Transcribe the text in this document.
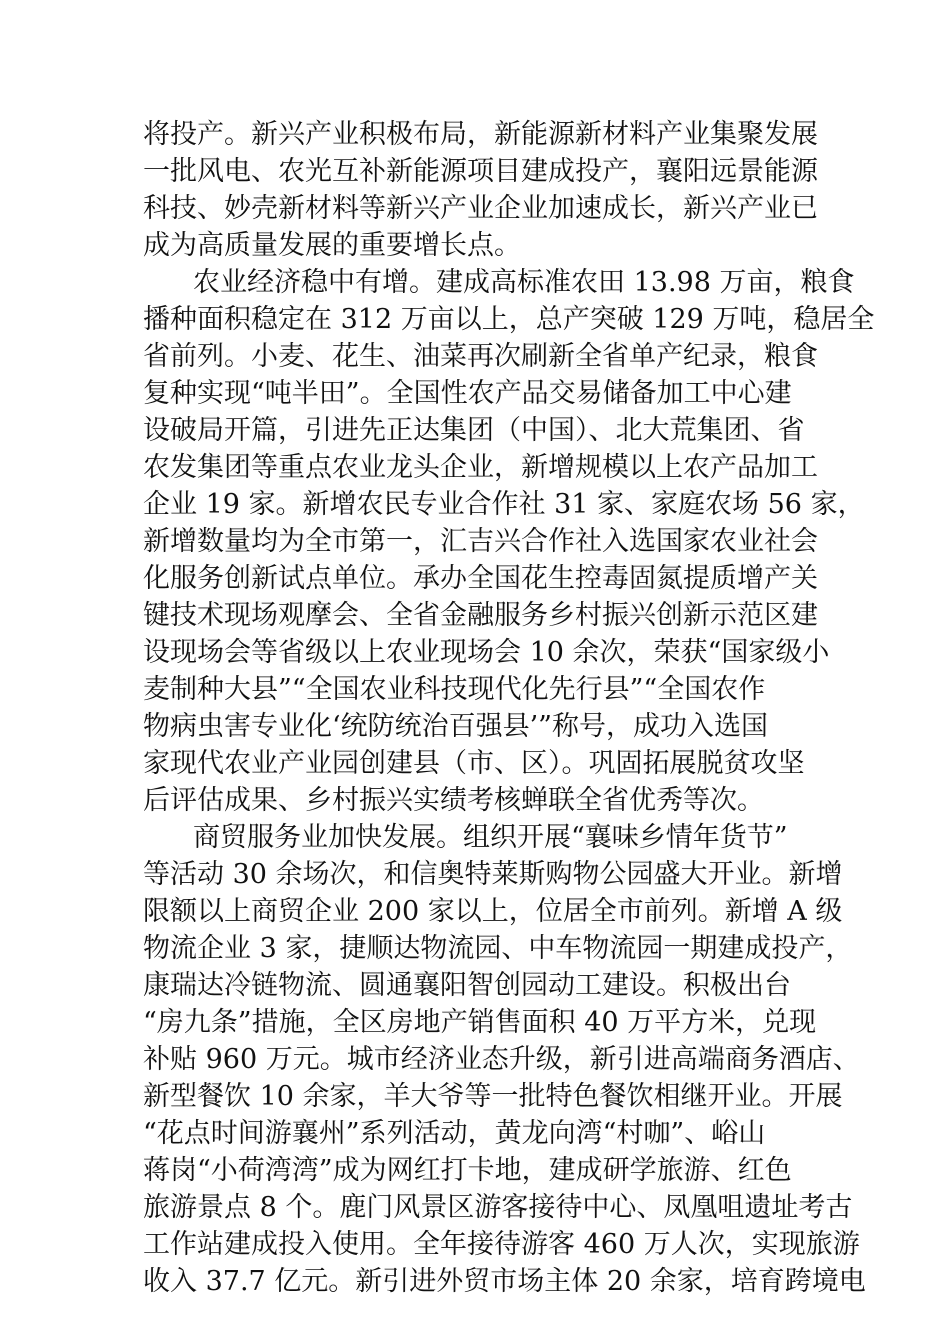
将投产。新兴产业积极布局，新能源新材料产业集聚发展
一批风电、农光互补新能源项目建成投产，襄阳远景能源
科技、妙壳新材料等新兴产业企业加速成长，新兴产业已
成为高质量发展的重要增长点。
农业经济稳中有增。建成高标准农田 13.98 万亩，粮食
播种面积稳定在 312 万亩以上，总产突破 129 万吨，稳居全
省前列。小麦、花生、油菜再次刷新全省单产纪录，粮食
复种实现“吨半田”。全国性农产品交易储备加工中心建
设破局开篇，引进先正达集团（中国）、北大荒集团、省
农发集团等重点农业龙头企业，新增规模以上农产品加工
企业 19 家。新增农民专业合作社 31 家、家庭农场 56 家，
新增数量均为全市第一，汇吉兴合作社入选国家农业社会
化服务创新试点单位。承办全国花生控毒固氮提质增产关
键技术现场观摩会、全省金融服务乡村振兴创新示范区建
设现场会等省级以上农业现场会 10 余次，荣获“国家级小
麦制种大县”“全国农业科技现代化先行县”“全国农作
物病虫害专业化‘统防统治百强县’”称号，成功入选国
家现代农业产业园创建县（市、区）。巩固拓展脱贫攻坚
后评估成果、乡村振兴实绩考核蝉联全省优秀等次。
商贸服务业加快发展。组织开展“襄味乡情年货节”
等活动 30 余场次，和信奥特莱斯购物公园盛大开业。新增
限额以上商贸企业 200 家以上，位居全市前列。新增 A 级
物流企业 3 家，捷顺达物流园、中车物流园一期建成投产，
康瑞达冷链物流、圆通襄阳智创园动工建设。积极出台
“房九条”措施，全区房地产销售面积 40 万平方米，兑现
补贴 960 万元。城市经济业态升级，新引进高端商务酒店、
新型餐饮 10 余家，羊大爷等一批特色餐饮相继开业。开展
“花点时间游襄州”系列活动，黄龙向湾“村咖”、峪山
蒋岗“小荷湾湾”成为网红打卡地，建成研学旅游、红色
旅游景点 8 个。鹿门风景区游客接待中心、凤凰咀遗址考古
工作站建成投入使用。全年接待游客 460 万人次，实现旅游
收入 37.7 亿元。新引进外贸市场主体 20 余家，培育跨境电
